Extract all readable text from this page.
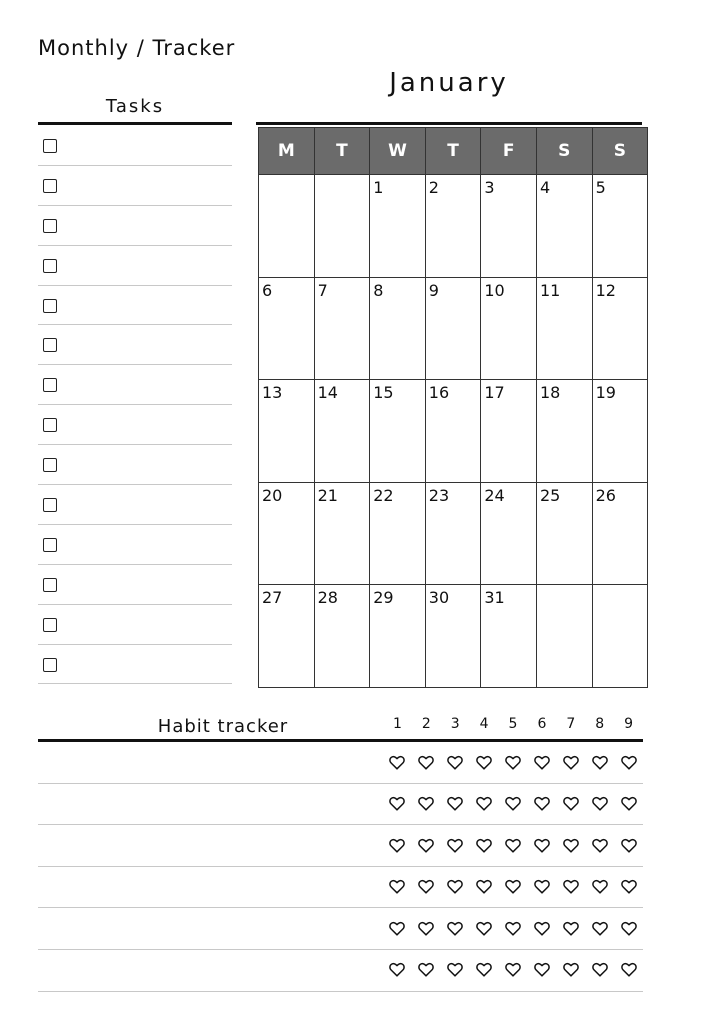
Monthly / Tracker
Tasks
January
M	T	W	T	F	S	S

		1	2	3	4	5

6	7	8	9	10	11	12

13	14	15	16	17	18	19

20	21	22	23	24	25	26

27	28	29	30	31		

Habit tracker	1	2	3	4	5	6	7	8	9
